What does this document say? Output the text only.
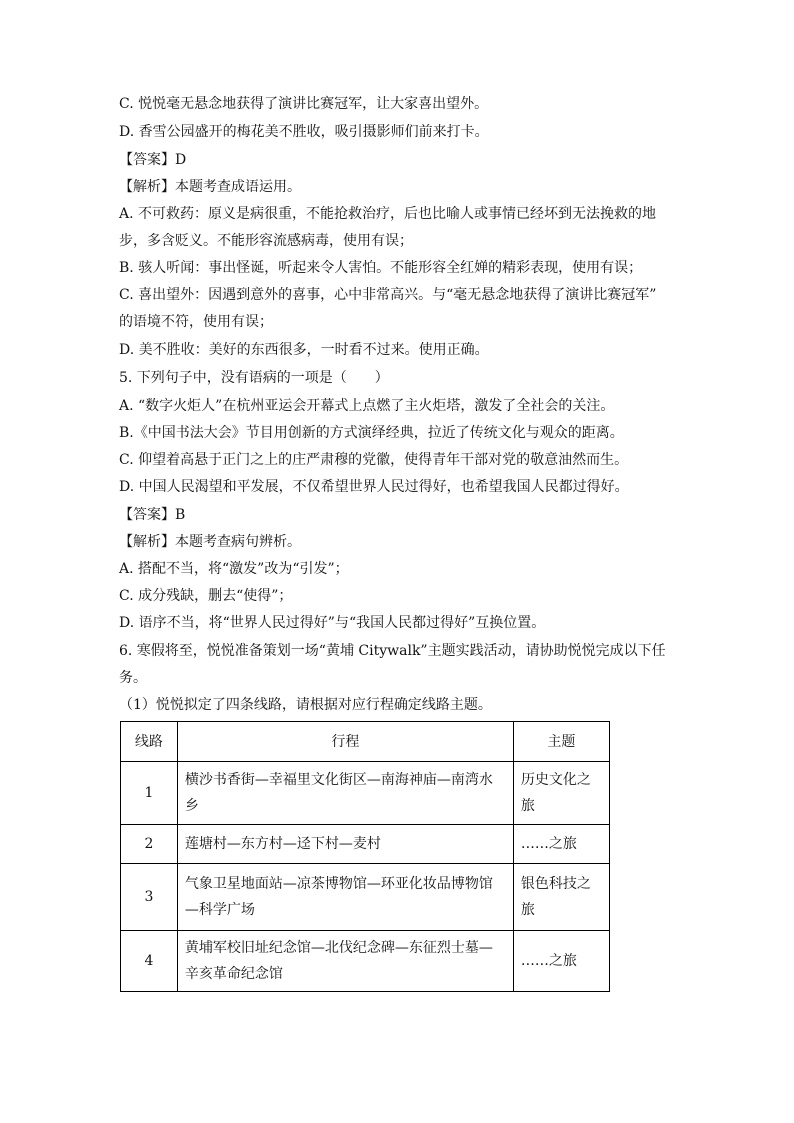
C. 悦悦毫无悬念地获得了演讲比赛冠军，让大家喜出望外。
D. 香雪公园盛开的梅花美不胜收，吸引摄影师们前来打卡。
【答案】D
【解析】本题考查成语运用。
A. 不可救药：原义是病很重，不能抢救治疗，后也比喻人或事情已经坏到无法挽救的地
步，多含贬义。不能形容流感病毒，使用有误；
B. 骇人听闻：事出怪诞，听起来令人害怕。不能形容全红婵的精彩表现，使用有误；
C. 喜出望外：因遇到意外的喜事，心中非常高兴。与“毫无悬念地获得了演讲比赛冠军”
的语境不符，使用有误；
D. 美不胜收：美好的东西很多，一时看不过来。使用正确。
5. 下列句子中，没有语病的一项是（　　）
A. “数字火炬人”在杭州亚运会开幕式上点燃了主火炬塔，激发了全社会的关注。
B.《中国书法大会》节目用创新的方式演绎经典，拉近了传统文化与观众的距离。
C. 仰望着高悬于正门之上的庄严肃穆的党徽，使得青年干部对党的敬意油然而生。
D. 中国人民渴望和平发展，不仅希望世界人民过得好，也希望我国人民都过得好。
【答案】B
【解析】本题考查病句辨析。
A. 搭配不当，将“激发”改为“引发”；
C. 成分残缺，删去“使得”；
D. 语序不当，将“世界人民过得好”与“我国人民都过得好”互换位置。
6. 寒假将至，悦悦准备策划一场“黄埔 Citywalk”主题实践活动，请协助悦悦完成以下任
务。
（1）悦悦拟定了四条线路，请根据对应行程确定线路主题。
线路	行程	主题
1	横沙书香街—幸福里文化街区—南海神庙—南湾水乡	历史文化之旅
2	莲塘村—东方村—迳下村—麦村	……之旅
3	气象卫星地面站—凉茶博物馆—环亚化妆品博物馆—科学广场	银色科技之旅
4	黄埔军校旧址纪念馆—北伐纪念碑—东征烈士墓—辛亥革命纪念馆	……之旅
